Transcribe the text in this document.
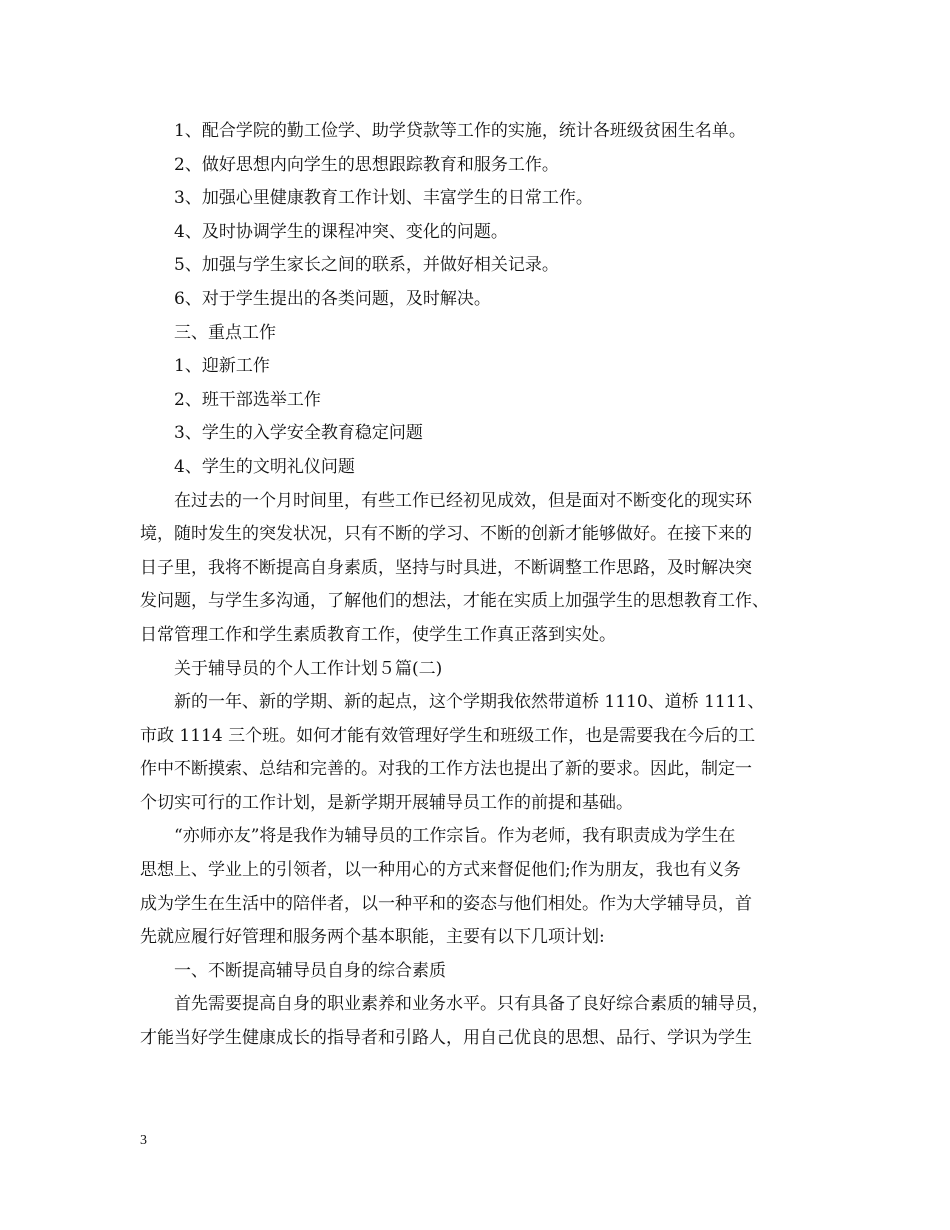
1、配合学院的勤工俭学、助学贷款等工作的实施，统计各班级贫困生名单。
2、做好思想内向学生的思想跟踪教育和服务工作。
3、加强心里健康教育工作计划、丰富学生的日常工作。
4、及时协调学生的课程冲突、变化的问题。
5、加强与学生家长之间的联系，并做好相关记录。
6、对于学生提出的各类问题，及时解决。
三、重点工作
1、迎新工作
2、班干部选举工作
3、学生的入学安全教育稳定问题
4、学生的文明礼仪问题
在过去的一个月时间里，有些工作已经初见成效，但是面对不断变化的现实环
境，随时发生的突发状况，只有不断的学习、不断的创新才能够做好。在接下来的
日子里，我将不断提高自身素质，坚持与时具进，不断调整工作思路，及时解决突
发问题，与学生多沟通，了解他们的想法，才能在实质上加强学生的思想教育工作、
日常管理工作和学生素质教育工作，使学生工作真正落到实处。
关于辅导员的个人工作计划５篇(二)
新的一年、新的学期、新的起点，这个学期我依然带道桥 1110、道桥 1111、
市政 1114 三个班。如何才能有效管理好学生和班级工作，也是需要我在今后的工
作中不断摸索、总结和完善的。对我的工作方法也提出了新的要求。因此，制定一
个切实可行的工作计划，是新学期开展辅导员工作的前提和基础。
“亦师亦友”将是我作为辅导员的工作宗旨。作为老师，我有职责成为学生在
思想上、学业上的引领者，以一种用心的方式来督促他们;作为朋友，我也有义务
成为学生在生活中的陪伴者，以一种平和的姿态与他们相处。作为大学辅导员，首
先就应履行好管理和服务两个基本职能，主要有以下几项计划:
一、不断提高辅导员自身的综合素质
首先需要提高自身的职业素养和业务水平。只有具备了良好综合素质的辅导员，
才能当好学生健康成长的指导者和引路人，用自己优良的思想、品行、学识为学生
3
